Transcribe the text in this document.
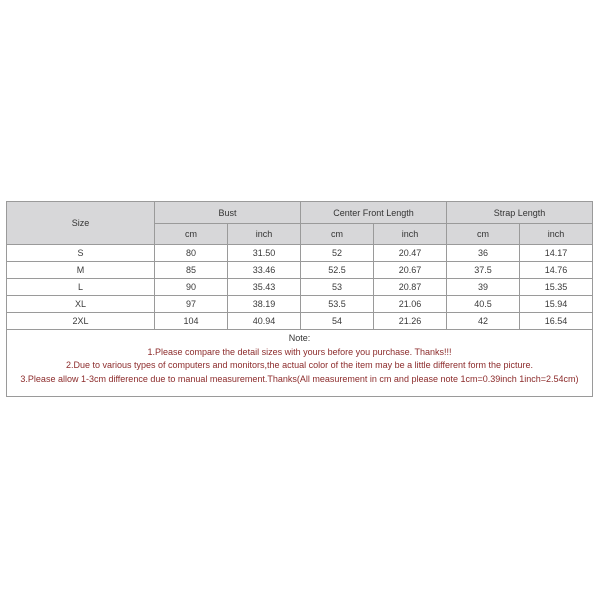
Size	Bust		Center Front Length		Strap Length	
	cm	inch	cm	inch	cm	inch
S	80	31.50	52	20.47	36	14.17
M	85	33.46	52.5	20.67	37.5	14.76
L	90	35.43	53	20.87	39	15.35
XL	97	38.19	53.5	21.06	40.5	15.94
2XL	104	40.94	54	21.26	42	16.54
Note:
1.Please compare the detail sizes with yours before you purchase. Thanks!!!
2.Due to various types of computers and monitors,the actual color of the item may be a little different form the picture.
3.Please allow 1-3cm difference due to manual measurement.Thanks(All measurement in cm and please note 1cm=0.39inch 1inch=2.54cm)
